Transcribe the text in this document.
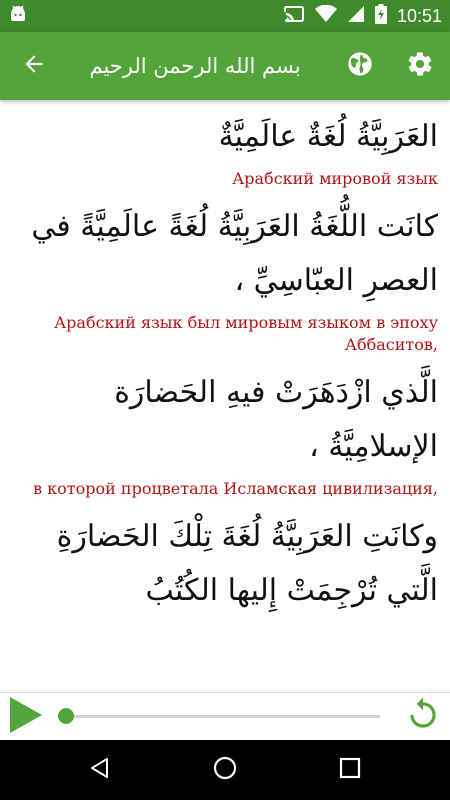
10:51
بسم الله الرحمن الرحيم

العَرَبِيَّةُ لُغَةٌ عالَمِيَّةٌ

Арабский мировой язык

كانَت اللُّغَةُ العَرَبِيَّةُ لُغَةً عالَمِيَّةً في العصرِ العبّاسِيِّ ،

Арабский язык был мировым языком в эпоху Аббаситов,

الَّذي ازْدَهَرَتْ فيهِ الحَضارَة الإسلامِيَّةُ ،

в которой процветала Исламская цивилизация,

وكانَتِ العَرَبِيَّةُ لُغَةَ تِلْكَ الحَضارَةِ الَّتي تُرْجِمَتْ إِليها الكُتُبُ
